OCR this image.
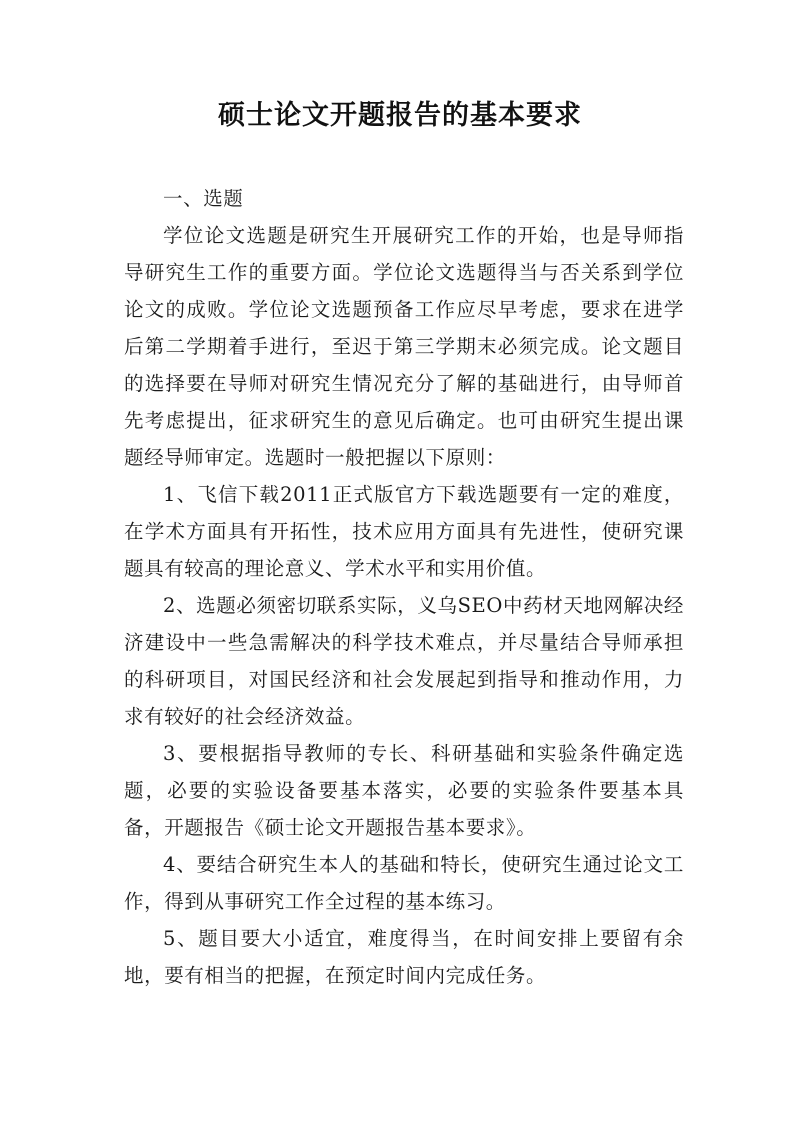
硕士论文开题报告的基本要求

一、选题

学位论文选题是研究生开展研究工作的开始，也是导师指导研究生工作的重要方面。学位论文选题得当与否关系到学位论文的成败。学位论文选题预备工作应尽早考虑，要求在进学后第二学期着手进行，至迟于第三学期末必须完成。论文题目的选择要在导师对研究生情况充分了解的基础进行，由导师首先考虑提出，征求研究生的意见后确定。也可由研究生提出课题经导师审定。选题时一般把握以下原则：

1、飞信下载2011正式版官方下载选题要有一定的难度，在学术方面具有开拓性，技术应用方面具有先进性，使研究课题具有较高的理论意义、学术水平和实用价值。

2、选题必须密切联系实际，义乌SEO中药材天地网解决经济建设中一些急需解决的科学技术难点，并尽量结合导师承担的科研项目，对国民经济和社会发展起到指导和推动作用，力求有较好的社会经济效益。

3、要根据指导教师的专长、科研基础和实验条件确定选题，必要的实验设备要基本落实，必要的实验条件要基本具备，开题报告《硕士论文开题报告基本要求》。

4、要结合研究生本人的基础和特长，使研究生通过论文工作，得到从事研究工作全过程的基本练习。

5、题目要大小适宜，难度得当，在时间安排上要留有余地，要有相当的把握，在预定时间内完成任务。
